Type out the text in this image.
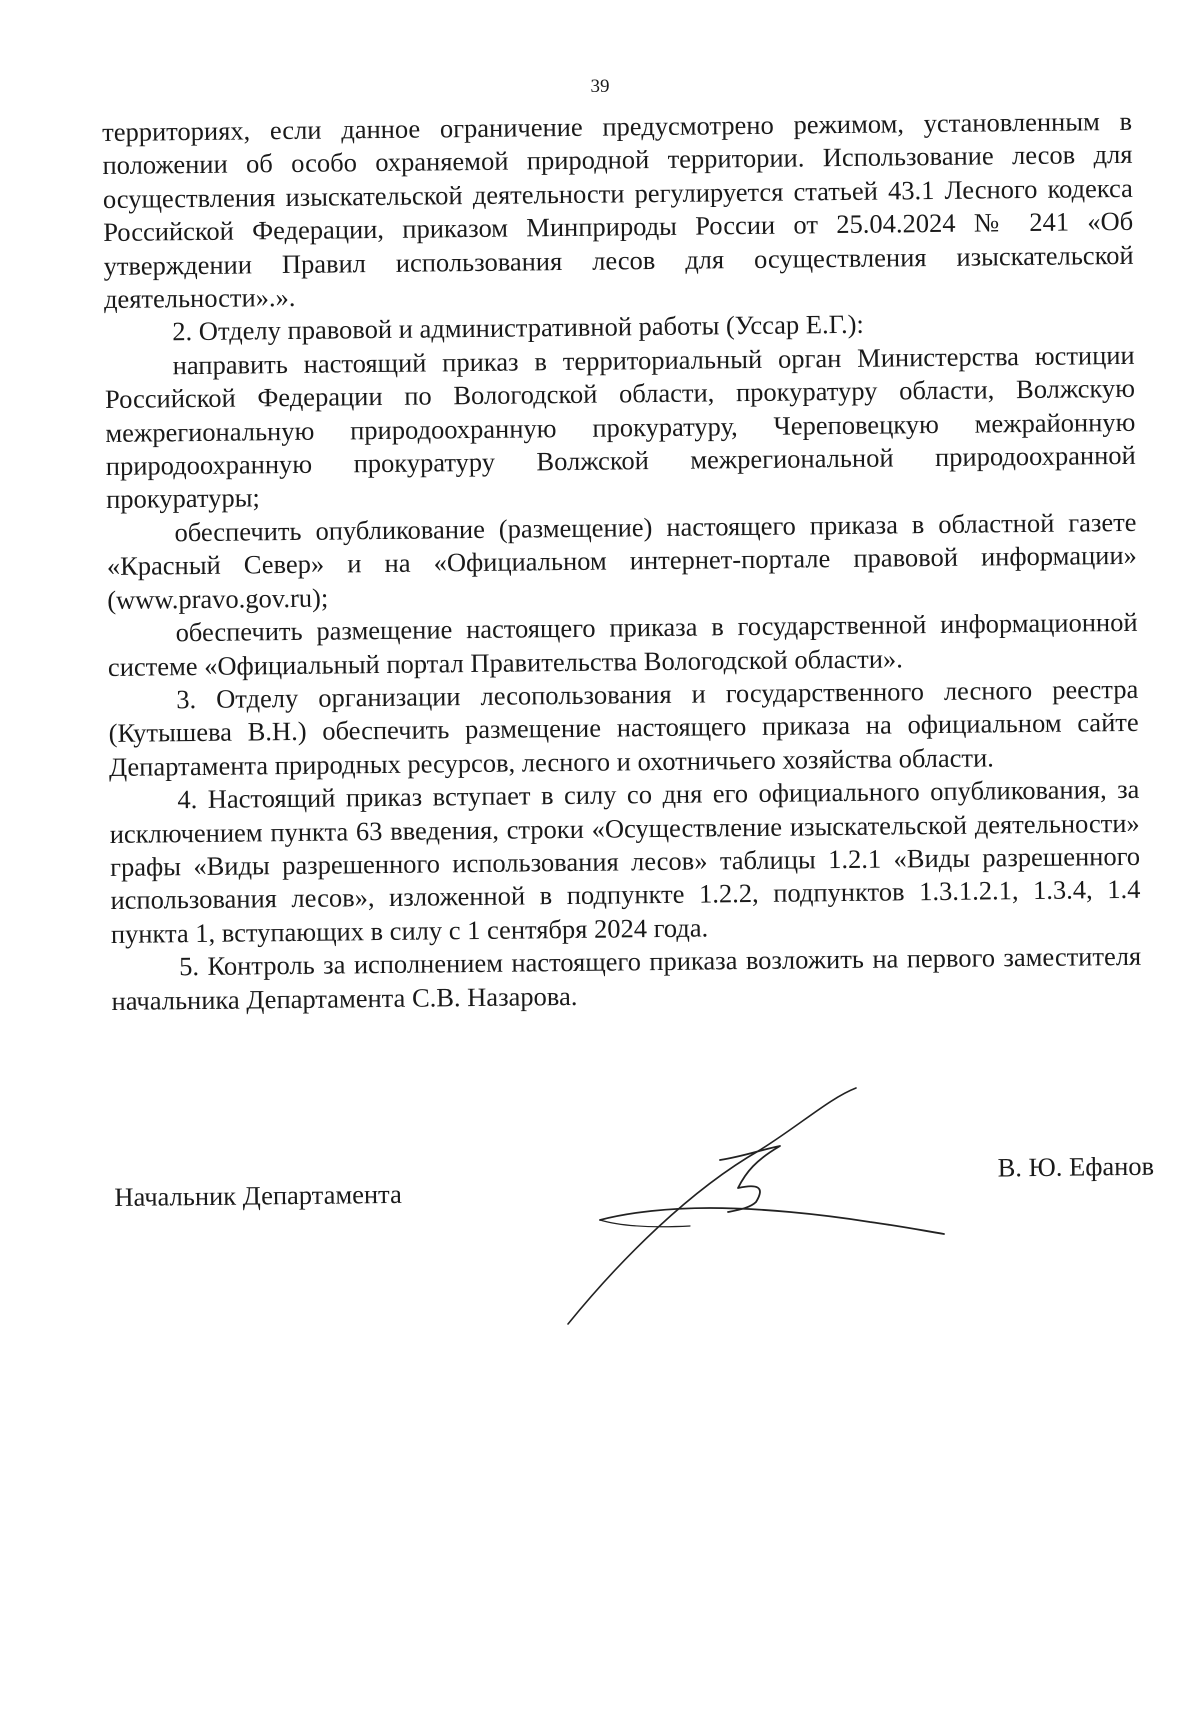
39

территориях, если данное ограничение предусмотрено режимом, установленным в положении об особо охраняемой природной территории. Использование лесов для осуществления изыскательской деятельности регулируется статьей 43.1 Лесного кодекса Российской Федерации, приказом Минприроды России от 25.04.2024 № 241 «Об утверждении Правил использования лесов для осуществления изыскательской деятельности».».

2. Отделу правовой и административной работы (Уссар Е.Г.):

направить настоящий приказ в территориальный орган Министерства юстиции Российской Федерации по Вологодской области, прокуратуру области, Волжскую межрегиональную природоохранную прокуратуру, Череповецкую межрайонную природоохранную прокуратуру Волжской межрегиональной природоохранной прокуратуры;

обеспечить опубликование (размещение) настоящего приказа в областной газете «Красный Север» и на «Официальном интернет-портале правовой информации» (www.pravo.gov.ru);

обеспечить размещение настоящего приказа в государственной информационной системе «Официальный портал Правительства Вологодской области».

3. Отделу организации лесопользования и государственного лесного реестра (Кутышева В.Н.) обеспечить размещение настоящего приказа на официальном сайте Департамента природных ресурсов, лесного и охотничьего хозяйства области.

4. Настоящий приказ вступает в силу со дня его официального опубликования, за исключением пункта 63 введения, строки «Осуществление изыскательской деятельности» графы «Виды разрешенного использования лесов» таблицы 1.2.1 «Виды разрешенного использования лесов», изложенной в подпункте 1.2.2, подпунктов 1.3.1.2.1, 1.3.4, 1.4 пункта 1, вступающих в силу с 1 сентября 2024 года.

5. Контроль за исполнением настоящего приказа возложить на первого заместителя начальника Департамента С.В. Назарова.

Начальник Департамента
В. Ю. Ефанов
